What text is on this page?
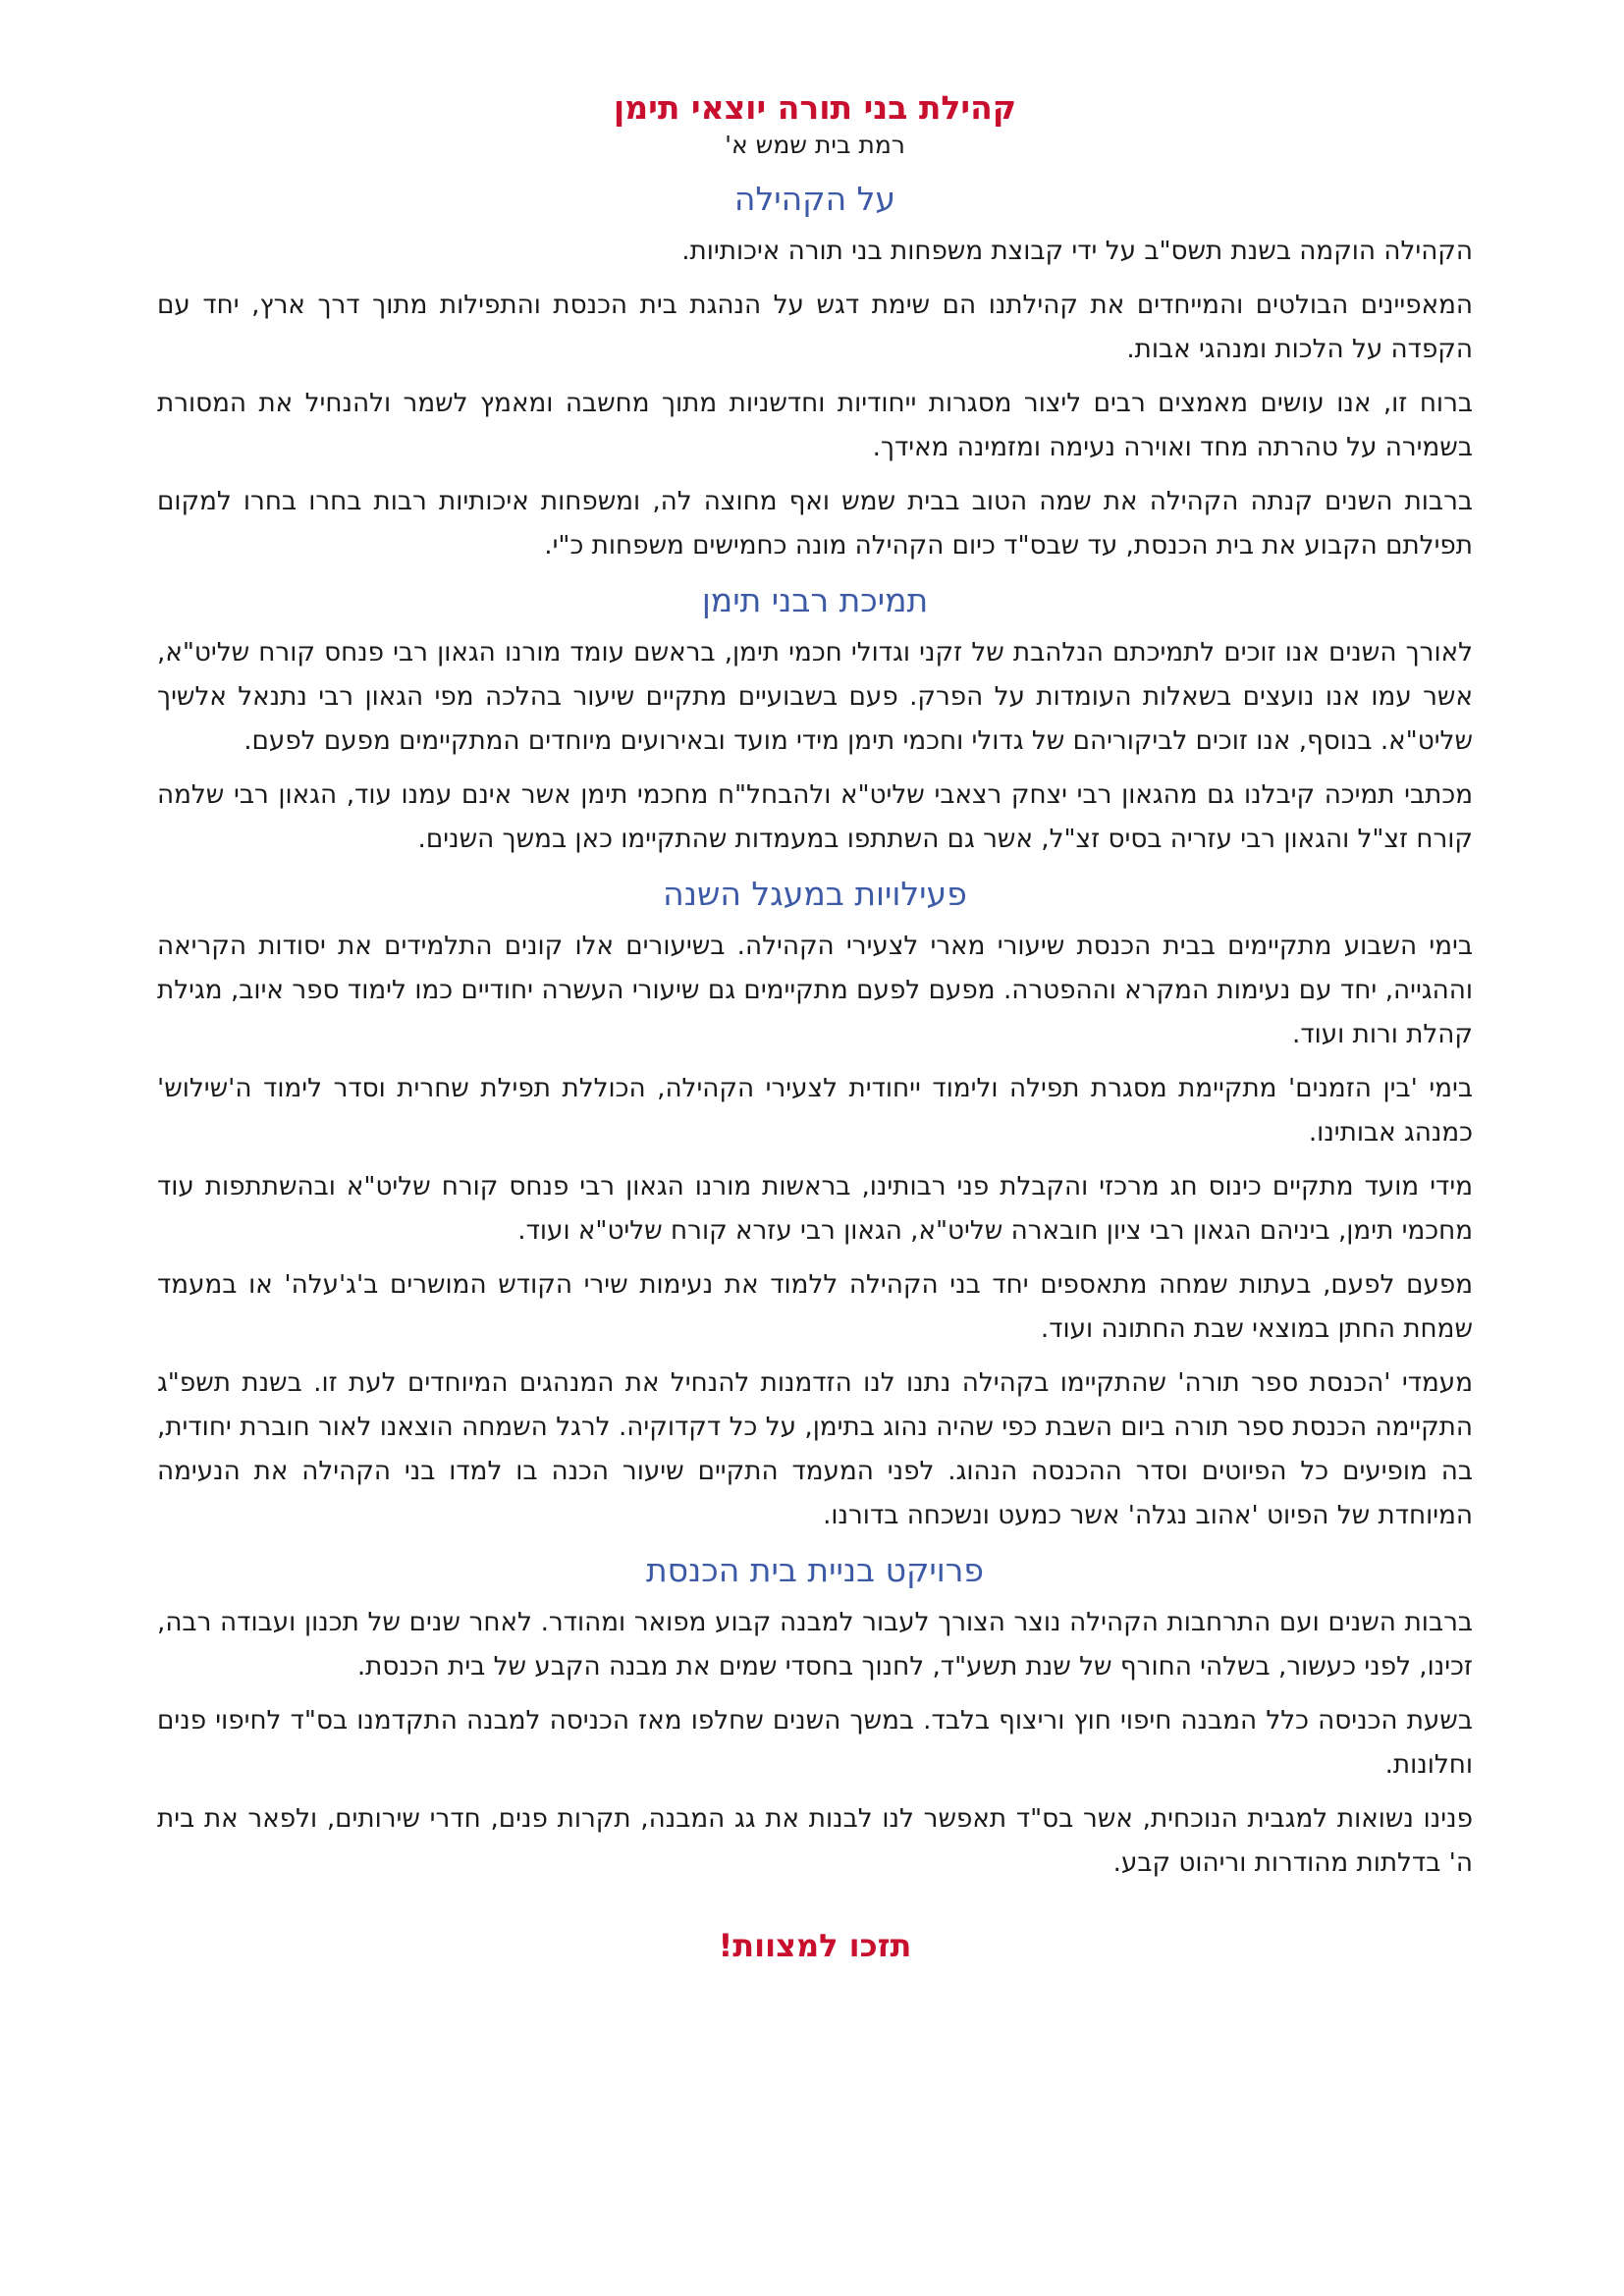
קהילת בני תורה יוצאי תימן
רמת בית שמש א'
על הקהילה

הקהילה הוקמה בשנת תשס"ב על ידי קבוצת משפחות בני תורה איכותיות.

המאפיינים הבולטים והמייחדים את קהילתנו הם שימת דגש על הנהגת בית הכנסת והתפילות מתוך דרך ארץ, יחד עם הקפדה על הלכות ומנהגי אבות.

ברוח זו, אנו עושים מאמצים רבים ליצור מסגרות ייחודיות וחדשניות מתוך מחשבה ומאמץ לשמר ולהנחיל את המסורת בשמירה על טהרתה מחד ואוירה נעימה ומזמינה מאידך.

ברבות השנים קנתה הקהילה את שמה הטוב בבית שמש ואף מחוצה לה, ומשפחות איכותיות רבות בחרו בחרו למקום תפילתם הקבוע את בית הכנסת, עד שבס"ד כיום הקהילה מונה כחמישים משפחות כ"י.

תמיכת רבני תימן

לאורך השנים אנו זוכים לתמיכתם הנלהבת של זקני וגדולי חכמי תימן, בראשם עומד מורנו הגאון רבי פנחס קורח שליט"א, אשר עמו אנו נועצים בשאלות העומדות על הפרק. פעם בשבועיים מתקיים שיעור בהלכה מפי הגאון רבי נתנאל אלשיך שליט"א. בנוסף, אנו זוכים לביקוריהם של גדולי וחכמי תימן מידי מועד ובאירועים מיוחדים המתקיימים מפעם לפעם.

מכתבי תמיכה קיבלנו גם מהגאון רבי יצחק רצאבי שליט"א ולהבחל"ח מחכמי תימן אשר אינם עמנו עוד, הגאון רבי שלמה קורח זצ"ל והגאון רבי עזריה בסיס זצ"ל, אשר גם השתתפו במעמדות שהתקיימו כאן במשך השנים.

פעילויות במעגל השנה

בימי השבוע מתקיימים בבית הכנסת שיעורי מארי לצעירי הקהילה. בשיעורים אלו קונים התלמידים את יסודות הקריאה וההגייה, יחד עם נעימות המקרא וההפטרה. מפעם לפעם מתקיימים גם שיעורי העשרה יחודיים כמו לימוד ספר איוב, מגילת קהלת ורות ועוד.

בימי 'בין הזמנים' מתקיימת מסגרת תפילה ולימוד ייחודית לצעירי הקהילה, הכוללת תפילת שחרית וסדר לימוד ה'שילוש' כמנהג אבותינו.

מידי מועד מתקיים כינוס חג מרכזי והקבלת פני רבותינו, בראשות מורנו הגאון רבי פנחס קורח שליט"א ובהשתתפות עוד מחכמי תימן, ביניהם הגאון רבי ציון חובארה שליט"א, הגאון רבי עזרא קורח שליט"א ועוד.

מפעם לפעם, בעתות שמחה מתאספים יחד בני הקהילה ללמוד את נעימות שירי הקודש המושרים ב'ג'עלה' או במעמד שמחת החתן במוצאי שבת החתונה ועוד.

מעמדי 'הכנסת ספר תורה' שהתקיימו בקהילה נתנו לנו הזדמנות להנחיל את המנהגים המיוחדים לעת זו. בשנת תשפ"ג התקיימה הכנסת ספר תורה ביום השבת כפי שהיה נהוג בתימן, על כל דקדוקיה. לרגל השמחה הוצאנו לאור חוברת יחודית, בה מופיעים כל הפיוטים וסדר ההכנסה הנהוג. לפני המעמד התקיים שיעור הכנה בו למדו בני הקהילה את הנעימה המיוחדת של הפיוט 'אהוב נגלה' אשר כמעט ונשכחה בדורנו.

פרויקט בניית בית הכנסת

ברבות השנים ועם התרחבות הקהילה נוצר הצורך לעבור למבנה קבוע מפואר ומהודר. לאחר שנים של תכנון ועבודה רבה, זכינו, לפני כעשור, בשלהי החורף של שנת תשע"ד, לחנוך בחסדי שמים את מבנה הקבע של בית הכנסת.

בשעת הכניסה כלל המבנה חיפוי חוץ וריצוף בלבד. במשך השנים שחלפו מאז הכניסה למבנה התקדמנו בס"ד לחיפוי פנים וחלונות.

פנינו נשואות למגבית הנוכחית, אשר בס"ד תאפשר לנו לבנות את גג המבנה, תקרות פנים, חדרי שירותים, ולפאר את בית ה' בדלתות מהודרות וריהוט קבע.

תזכו למצוות!
